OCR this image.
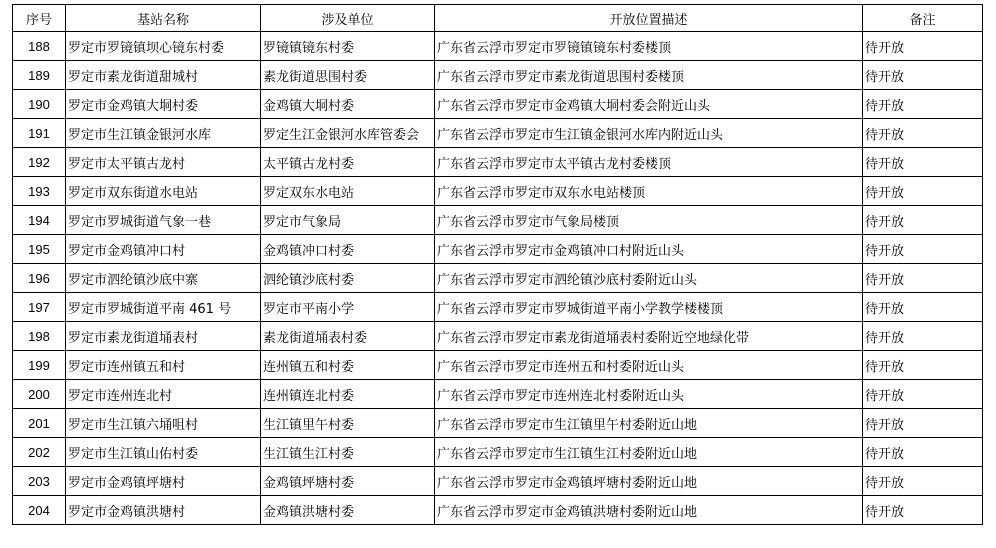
序号	基站名称	涉及单位	开放位置描述	备注
188	罗定市罗镜镇坝心镜东村委	罗镜镇镜东村委	广东省云浮市罗定市罗镜镇镜东村委楼顶	待开放
189	罗定市素龙街道甜城村	素龙街道思围村委	广东省云浮市罗定市素龙街道思围村委楼顶	待开放
190	罗定市金鸡镇大垌村委	金鸡镇大垌村委	广东省云浮市罗定市金鸡镇大垌村委会附近山头	待开放
191	罗定市生江镇金银河水库	罗定生江金银河水库管委会	广东省云浮市罗定市生江镇金银河水库内附近山头	待开放
192	罗定市太平镇古龙村	太平镇古龙村委	广东省云浮市罗定市太平镇古龙村委楼顶	待开放
193	罗定市双东街道水电站	罗定双东水电站	广东省云浮市罗定市双东水电站楼顶	待开放
194	罗定市罗城街道气象一巷	罗定市气象局	广东省云浮市罗定市气象局楼顶	待开放
195	罗定市金鸡镇冲口村	金鸡镇冲口村委	广东省云浮市罗定市金鸡镇冲口村附近山头	待开放
196	罗定市泗纶镇沙底中寨	泗纶镇沙底村委	广东省云浮市罗定市泗纶镇沙底村委附近山头	待开放
197	罗定市罗城街道平南 461 号	罗定市平南小学	广东省云浮市罗定市罗城街道平南小学教学楼楼顶	待开放
198	罗定市素龙街道埇表村	素龙街道埇表村委	广东省云浮市罗定市素龙街道埇表村委附近空地绿化带	待开放
199	罗定市连州镇五和村	连州镇五和村委	广东省云浮市罗定市连州五和村委附近山头	待开放
200	罗定市连州连北村	连州镇连北村委	广东省云浮市罗定市连州连北村委附近山头	待开放
201	罗定市生江镇六埇咀村	生江镇里午村委	广东省云浮市罗定市生江镇里午村委附近山地	待开放
202	罗定市生江镇山佑村委	生江镇生江村委	广东省云浮市罗定市生江镇生江村委附近山地	待开放
203	罗定市金鸡镇坪塘村	金鸡镇坪塘村委	广东省云浮市罗定市金鸡镇坪塘村委附近山地	待开放
204	罗定市金鸡镇洪塘村	金鸡镇洪塘村委	广东省云浮市罗定市金鸡镇洪塘村委附近山地	待开放
